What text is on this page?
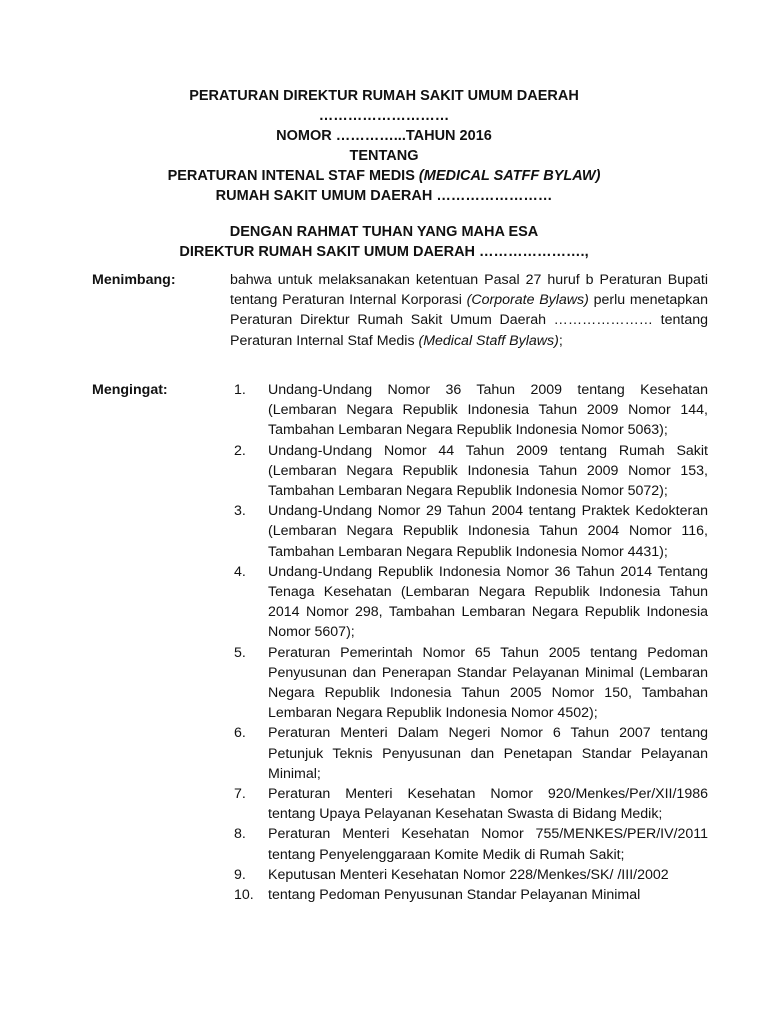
PERATURAN DIREKTUR RUMAH SAKIT UMUM DAERAH
………………………
NOMOR …………...TAHUN 2016
TENTANG
PERATURAN INTENAL STAF MEDIS (MEDICAL SATFF BYLAW)
RUMAH SAKIT UMUM DAERAH ……………………
DENGAN RAHMAT TUHAN YANG MAHA ESA
DIREKTUR RUMAH SAKIT UMUM DAERAH ………………….,
Menimbang:	bahwa untuk melaksanakan ketentuan Pasal 27 huruf b Peraturan Bupati tentang Peraturan Internal Korporasi (Corporate Bylaws) perlu menetapkan Peraturan Direktur Rumah Sakit Umum Daerah ………………… tentang Peraturan Internal Staf Medis (Medical Staff Bylaws);
Mengingat:	1. Undang-Undang Nomor 36 Tahun 2009 tentang Kesehatan (Lembaran Negara Republik Indonesia Tahun 2009 Nomor 144, Tambahan Lembaran Negara Republik Indonesia Nomor 5063);
2. Undang-Undang Nomor 44 Tahun 2009 tentang Rumah Sakit (Lembaran Negara Republik Indonesia Tahun 2009 Nomor 153, Tambahan Lembaran Negara Republik Indonesia Nomor 5072);
3. Undang-Undang Nomor 29 Tahun 2004 tentang Praktek Kedokteran (Lembaran Negara Republik Indonesia Tahun 2004 Nomor 116, Tambahan Lembaran Negara Republik Indonesia Nomor 4431);
4. Undang-Undang Republik Indonesia Nomor 36 Tahun 2014 Tentang Tenaga Kesehatan (Lembaran Negara Republik Indonesia Tahun 2014 Nomor 298, Tambahan Lembaran Negara Republik Indonesia Nomor 5607);
5. Peraturan Pemerintah Nomor 65 Tahun 2005 tentang Pedoman Penyusunan dan Penerapan Standar Pelayanan Minimal (Lembaran Negara Republik Indonesia Tahun 2005 Nomor 150, Tambahan Lembaran Negara Republik Indonesia Nomor 4502);
6. Peraturan Menteri Dalam Negeri Nomor 6 Tahun 2007 tentang Petunjuk Teknis Penyusunan dan Penetapan Standar Pelayanan Minimal;
7. Peraturan Menteri Kesehatan Nomor 920/Menkes/Per/XII/1986 tentang Upaya Pelayanan Kesehatan Swasta di Bidang Medik;
8. Peraturan Menteri Kesehatan Nomor 755/MENKES/PER/IV/2011 tentang Penyelenggaraan Komite Medik di Rumah Sakit;
9. Keputusan Menteri Kesehatan Nomor 228/Menkes/SK/ /III/2002
10. tentang Pedoman Penyusunan Standar Pelayanan Minimal
